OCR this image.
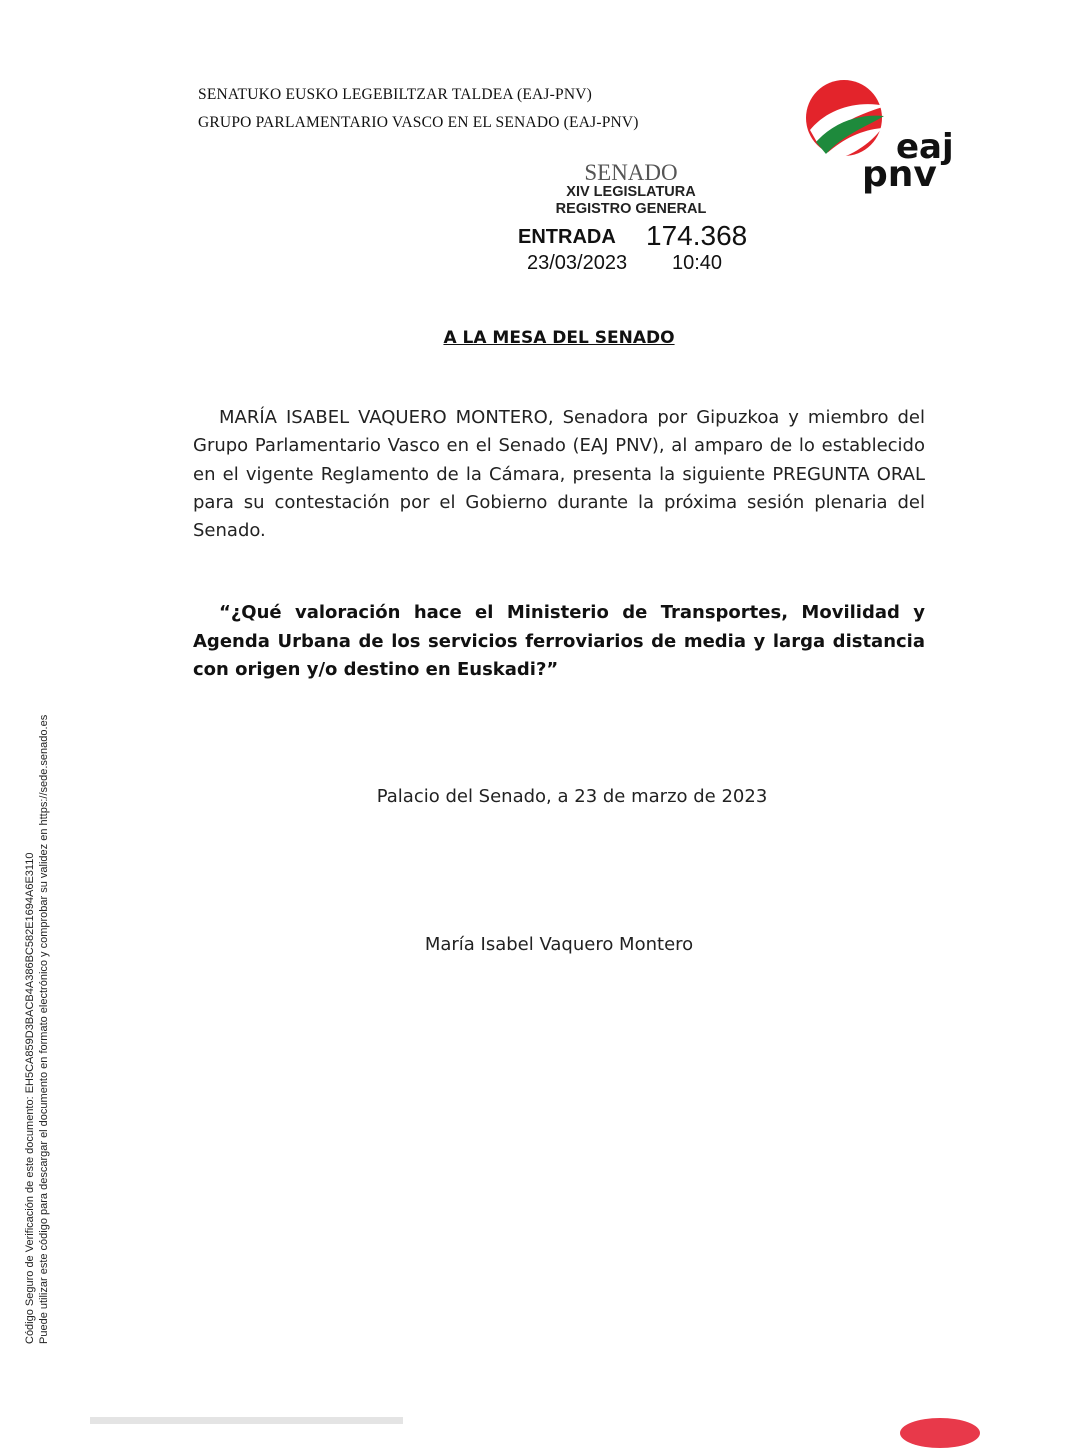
SENATUKO EUSKO LEGEBILTZAR TALDEA (EAJ-PNV)
GRUPO PARLAMENTARIO VASCO EN EL SENADO (EAJ-PNV)
eaj
pnv
SENADO
XIV LEGISLATURA
REGISTRO GENERAL
ENTRADA 174.368
23/03/2023 10:40
A LA MESA DEL SENADO
MARÍA ISABEL VAQUERO MONTERO, Senadora por Gipuzkoa y miembro del Grupo Parlamentario Vasco en el Senado (EAJ PNV), al amparo de lo establecido en el vigente Reglamento de la Cámara, presenta la siguiente PREGUNTA ORAL para su contestación por el Gobierno durante la próxima sesión plenaria del Senado.
“¿Qué valoración hace el Ministerio de Transportes, Movilidad y Agenda Urbana de los servicios ferroviarios de media y larga distancia con origen y/o destino en Euskadi?”
Palacio del Senado, a 23 de marzo de 2023
María Isabel Vaquero Montero
Código Seguro de Verificación de este documento: EH5CA859D3BACB4A386BC582E1694A6E3110 Puede utilizar este código para descargar el documento en formato electrónico y comprobar su validez en https://sede.senado.es
